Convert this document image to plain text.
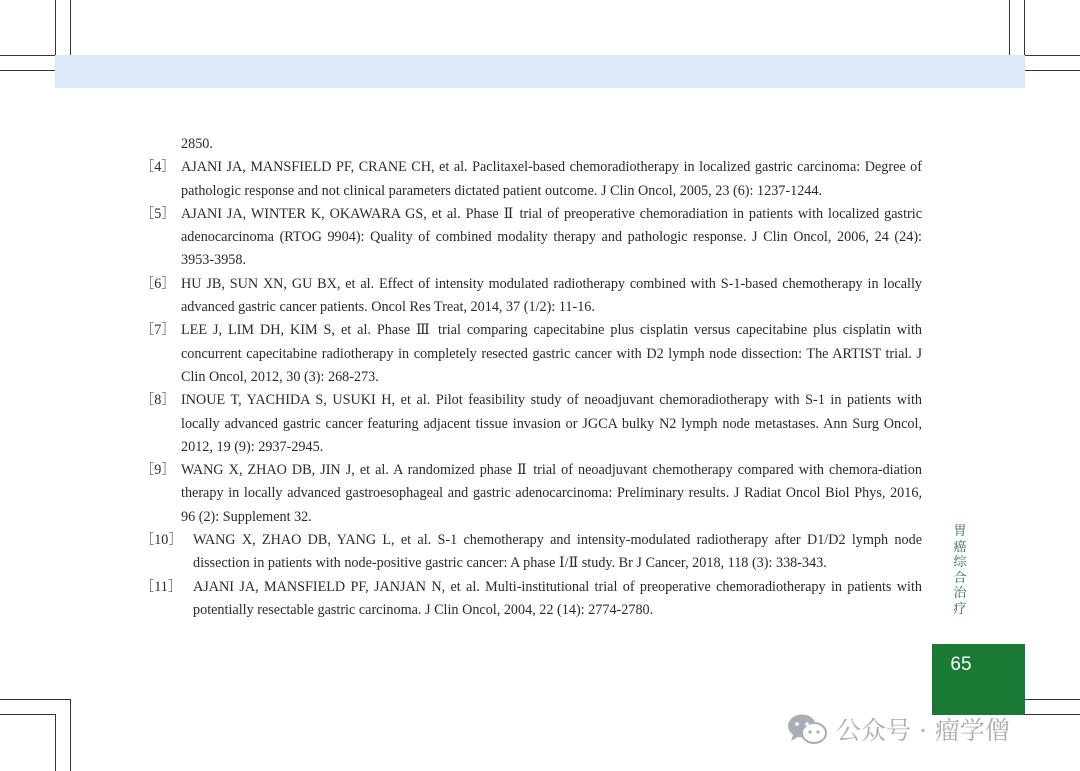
2850.
［4］ AJANI JA, MANSFIELD PF, CRANE CH, et al. Paclitaxel-based chemoradiotherapy in localized gastric carcinoma: Degree of pathologic response and not clinical parameters dictated patient outcome. J Clin Oncol, 2005, 23 (6): 1237-1244.
［5］ AJANI JA, WINTER K, OKAWARA GS, et al. Phase Ⅱ trial of preoperative chemoradiation in patients with localized gastric adenocarcinoma (RTOG 9904): Quality of combined modality therapy and pathologic response. J Clin Oncol, 2006, 24 (24): 3953-3958.
［6］ HU JB, SUN XN, GU BX, et al. Effect of intensity modulated radiotherapy combined with S-1-based chemotherapy in locally advanced gastric cancer patients. Oncol Res Treat, 2014, 37 (1/2): 11-16.
［7］ LEE J, LIM DH, KIM S, et al. Phase Ⅲ trial comparing capecitabine plus cisplatin versus capecitabine plus cisplatin with concurrent capecitabine radiotherapy in completely resected gastric cancer with D2 lymph node dissection: The ARTIST trial. J Clin Oncol, 2012, 30 (3): 268-273.
［8］ INOUE T, YACHIDA S, USUKI H, et al. Pilot feasibility study of neoadjuvant chemoradiotherapy with S-1 in patients with locally advanced gastric cancer featuring adjacent tissue invasion or JGCA bulky N2 lymph node metastases. Ann Surg Oncol, 2012, 19 (9): 2937-2945.
［9］ WANG X, ZHAO DB, JIN J, et al. A randomized phase Ⅱ trial of neoadjuvant chemotherapy compared with chemora-diation therapy in locally advanced gastroesophageal and gastric adenocarcinoma: Preliminary results. J Radiat Oncol Biol Phys, 2016, 96 (2): Supplement 32.
［10］ WANG X, ZHAO DB, YANG L, et al. S-1 chemotherapy and intensity-modulated radiotherapy after D1/D2 lymph node dissection in patients with node-positive gastric cancer: A phase Ⅰ/Ⅱ study. Br J Cancer, 2018, 118 (3): 338-343.
［11］ AJANI JA, MANSFIELD PF, JANJAN N, et al. Multi-institutional trial of preoperative chemoradiotherapy in patients with potentially resectable gastric carcinoma. J Clin Oncol, 2004, 22 (14): 2774-2780.
胃癌综合治疗
65
公众号 · 瘤学僧
